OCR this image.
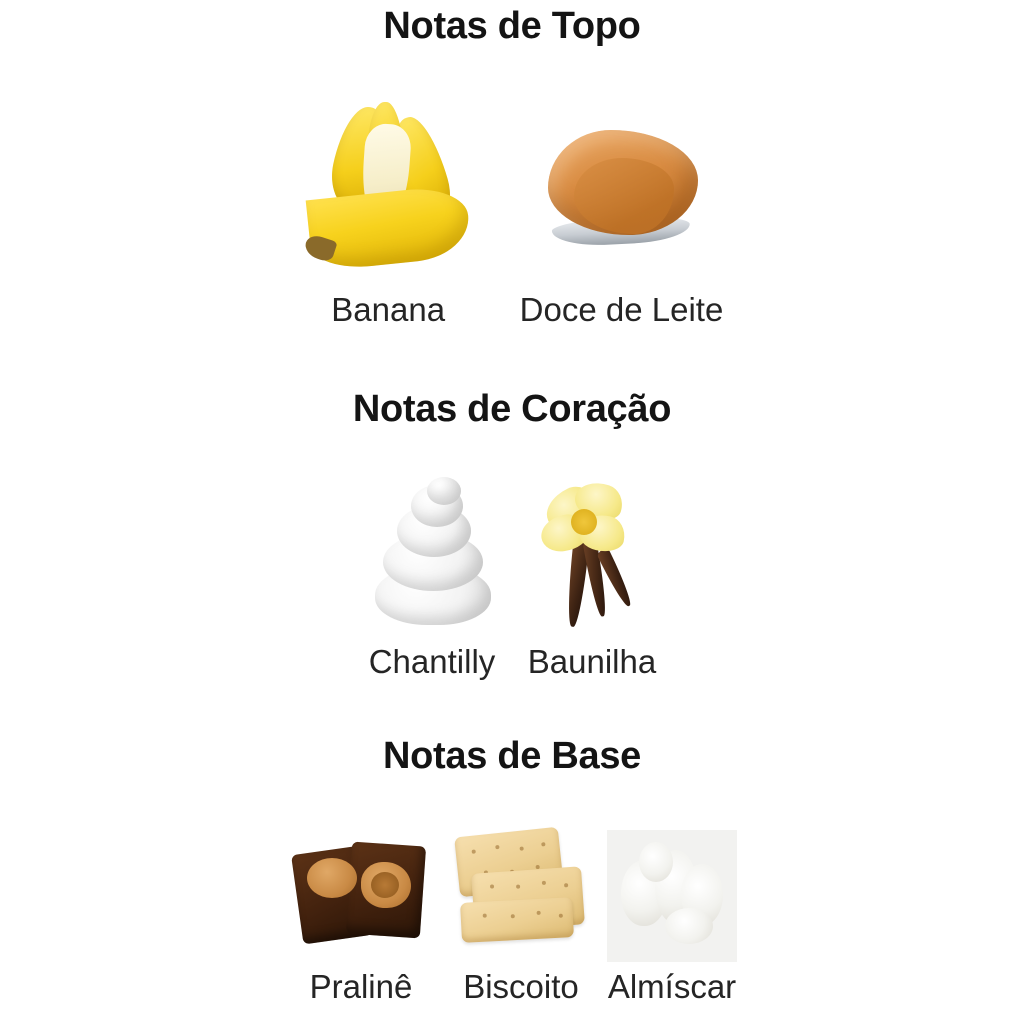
Notas de Topo
Banana Doce de Leite
Notas de Coração
Chantilly Baunilha
Notas de Base
Pralinê Biscoito Almíscar
